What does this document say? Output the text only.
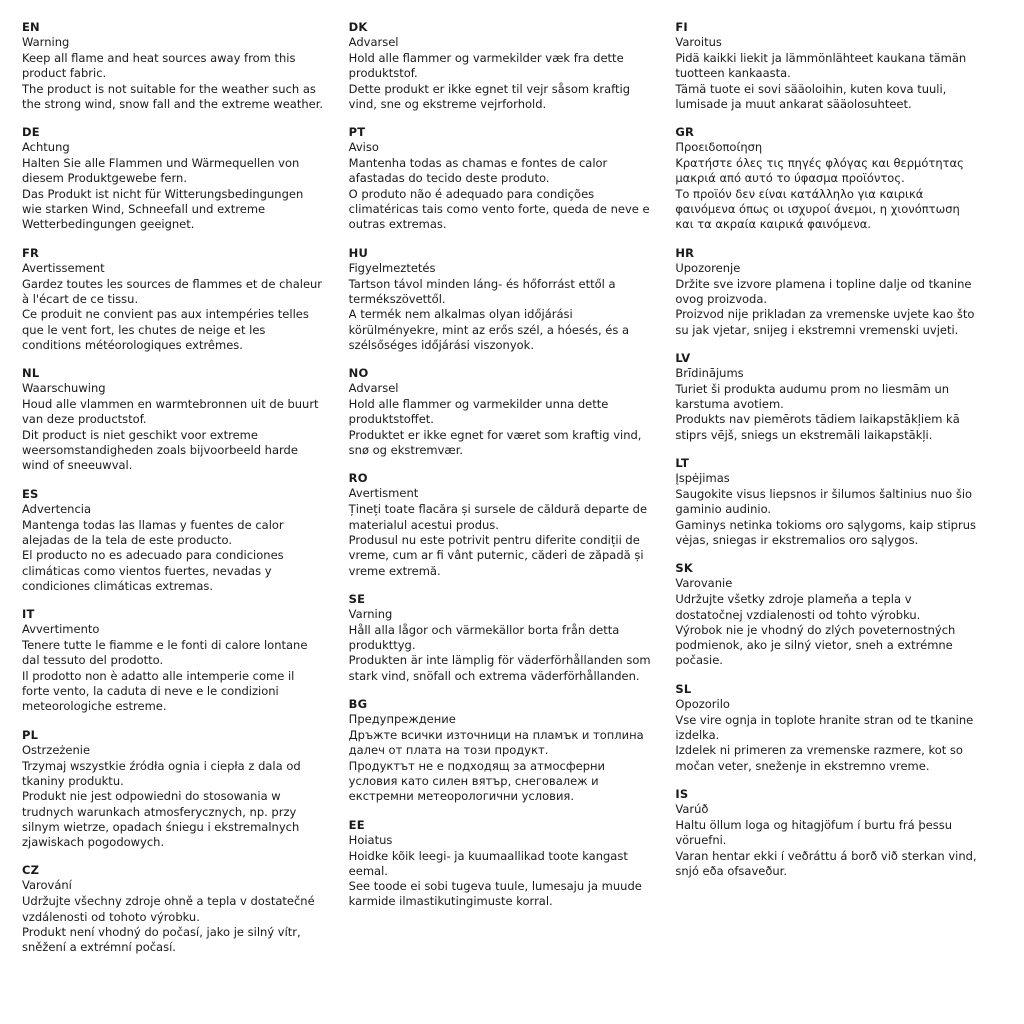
EN
Warning

Keep all flame and heat sources away from this product fabric.

The product is not suitable for the weather such as the strong wind, snow fall and the extreme weather.

DE
Achtung

Halten Sie alle Flammen und Wärmequellen von diesem Produktgewebe fern.

Das Produkt ist nicht für Witterungsbedingungen wie starken Wind, Schneefall und extreme Wetterbedingungen geeignet.

FR
Avertissement

Gardez toutes les sources de flammes et de chaleur à l'écart de ce tissu.

Ce produit ne convient pas aux intempéries telles que le vent fort, les chutes de neige et les conditions météorologiques extrêmes.

NL
Waarschuwing

Houd alle vlammen en warmtebronnen uit de buurt van deze productstof.

Dit product is niet geschikt voor extreme weersomstandigheden zoals bijvoorbeeld harde wind of sneeuwval.

ES
Advertencia

Mantenga todas las llamas y fuentes de calor alejadas de la tela de este producto.

El producto no es adecuado para condiciones climáticas como vientos fuertes, nevadas y condiciones climáticas extremas.

IT
Avvertimento

Tenere tutte le fiamme e le fonti di calore lontane dal tessuto del prodotto.

Il prodotto non è adatto alle intemperie come il forte vento, la caduta di neve e le condizioni meteorologiche estreme.

PL
Ostrzeżenie

Trzymaj wszystkie źródła ognia i ciepła z dala od tkaniny produktu.

Produkt nie jest odpowiedni do stosowania w trudnych warunkach atmosferycznych, np. przy silnym wietrze, opadach śniegu i ekstremalnych zjawiskach pogodowych.

CZ
Varování

Udržujte všechny zdroje ohně a tepla v dostatečné vzdálenosti od tohoto výrobku.

Produkt není vhodný do počasí, jako je silný vítr, sněžení a extrémní počasí.

DK
Advarsel

Hold alle flammer og varmekilder væk fra dette produktstof.

Dette produkt er ikke egnet til vejr såsom kraftig vind, sne og ekstreme vejrforhold.

PT
Aviso

Mantenha todas as chamas e fontes de calor afastadas do tecido deste produto.

O produto não é adequado para condições climatéricas tais como vento forte, queda de neve e outras extremas.

HU
Figyelmeztetés

Tartson távol minden láng- és hőforrást ettől a termékszövettől.

A termék nem alkalmas olyan időjárási körülményekre, mint az erős szél, a hóesés, és a szélsőséges időjárási viszonyok.

NO
Advarsel

Hold alle flammer og varmekilder unna dette produktstoffet.

Produktet er ikke egnet for været som kraftig vind, snø og ekstremvær.

RO
Avertisment

Țineți toate flacăra și sursele de căldură departe de materialul acestui produs.

Produsul nu este potrivit pentru diferite condiții de vreme, cum ar fi vânt puternic, căderi de zăpadă și vreme extremă.

SE
Varning

Håll alla lågor och värmekällor borta från detta produkttyg.

Produkten är inte lämplig för väderförhållanden som stark vind, snöfall och extrema väderförhållanden.

BG
Предупреждение

Дръжте всички източници на пламък и топлина далеч от плата на този продукт.

Продуктът не е подходящ за атмосферни условия като силен вятър, снеговалеж и екстремни метеорологични условия.

EE
Hoiatus

Hoidke kõik leegi- ja kuumaallikad toote kangast eemal.

See toode ei sobi tugeva tuule, lumesaju ja muude karmide ilmastikutingimuste korral.

FI
Varoitus

Pidä kaikki liekit ja lämmönlähteet kaukana tämän tuotteen kankaasta.

Tämä tuote ei sovi sääoloihin, kuten kova tuuli, lumisade ja muut ankarat sääolosuhteet.

GR
Προειδοποίηση

Κρατήστε όλες τις πηγές φλόγας και θερμότητας μακριά από αυτό το ύφασμα προϊόντος.

Το προϊόν δεν είναι κατάλληλο για καιρικά φαινόμενα όπως οι ισχυροί άνεμοι, η χιονόπτωση και τα ακραία καιρικά φαινόμενα.

HR
Upozorenje

Držite sve izvore plamena i topline dalje od tkanine ovog proizvoda.

Proizvod nije prikladan za vremenske uvjete kao što su jak vjetar, snijeg i ekstremni vremenski uvjeti.

LV
Brīdinājums

Turiet ši produkta audumu prom no liesmām un karstuma avotiem.

Produkts nav piemērots tādiem laikapstākļiem kā stiprs vējš, sniegs un ekstremāli laikapstākļi.

LT
Įspėjimas

Saugokite visus liepsnos ir šilumos šaltinius nuo šio gaminio audinio.

Gaminys netinka tokioms oro sąlygoms, kaip stiprus vėjas, sniegas ir ekstremalios oro sąlygos.

SK
Varovanie

Udržujte všetky zdroje plameňa a tepla v dostatočnej vzdialenosti od tohto výrobku.

Výrobok nie je vhodný do zlých poveternostných podmienok, ako je silný vietor, sneh a extrémne počasie.

SL
Opozorilo

Vse vire ognja in toplote hranite stran od te tkanine izdelka.

Izdelek ni primeren za vremenske razmere, kot so močan veter, sneženje in ekstremno vreme.

IS
Varúð

Haltu öllum loga og hitagjöfum í burtu frá þessu vöruefni.

Varan hentar ekki í veðráttu á borð við sterkan vind, snjó eða ofsaveður.
